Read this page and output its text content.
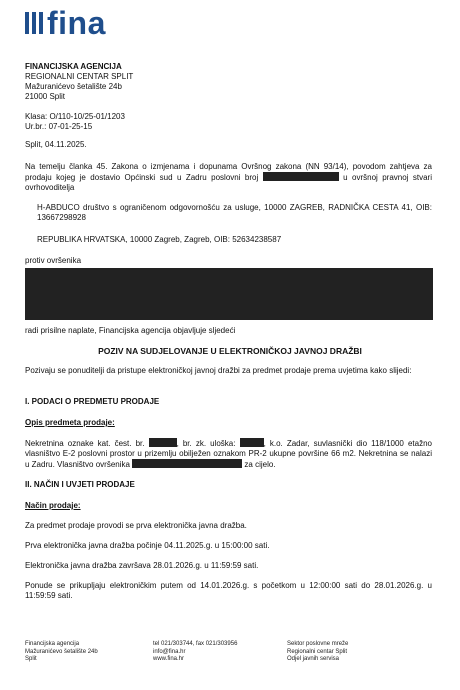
fina

FINANCIJSKA AGENCIJA

REGIONALNI CENTAR SPLIT

Mažuranićevo šetalište 24b

21000 Split

Klasa: O/110-10/25-01/1203

Ur.br.: 07-01-25-15

Split, 04.11.2025.

Na temelju članka 45. Zakona o izmjenama i dopunama Ovršnog zakona (NN 93/14), povodom zahtjeva za prodaju kojeg je dostavio Općinski sud u Zadru poslovni broj	u ovršnoj pravnoj stvari ovrhovoditelja

H-ABDUCO društvo s ograničenom odgovornošću za usluge, 10000 ZAGREB, RADNIČKA CESTA 41, OIB: 13667298928

REPUBLIKA HRVATSKA, 10000 Zagreb, Zagreb, OIB: 52634238587

protiv ovršenika

radi prisilne naplate, Financijska agencija objavljuje sljedeći

POZIV NA SUDJELOVANJE U ELEKTRONIČKOJ JAVNOJ DRAŽBI

Pozivaju se ponuditelji da pristupe elektroničkoj javnoj dražbi za predmet prodaje prema uvjetima kako slijedi:

I. PODACI O PREDMETU PRODAJE

Opis predmeta prodaje:

Nekretnina oznake kat. čest. br.	, br. zk. uloška:	, k.o. Zadar, suvlasnički dio 118/1000 etažno vlasništvo E-2 poslovni prostor u prizemlju obilježen oznakom PR-2 ukupne površine 66 m2. Nekretnina se nalazi u Zadru. Vlasništvo ovršenika	za cijelo.

II. NAČIN I UVJETI PRODAJE

Način prodaje:

Za predmet prodaje provodi se prva elektronička javna dražba.

Prva elektronička javna dražba počinje 04.11.2025.g. u 15:00:00 sati.

Elektronička javna dražba završava 28.01.2026.g. u 11:59:59 sati.

Ponude se prikupljaju elektroničkim putem od 14.01.2026.g. s početkom u 12:00:00 sati do 28.01.2026.g. u 11:59:59 sati.

Financijska agencija

Mažuranićevo šetalište 24b

Split

tel 021/303744, fax 021/303956

info@fina.hr

www.fina.hr

Sektor poslovne mreže

Regionalni centar Split

Odjel javnih servisa
